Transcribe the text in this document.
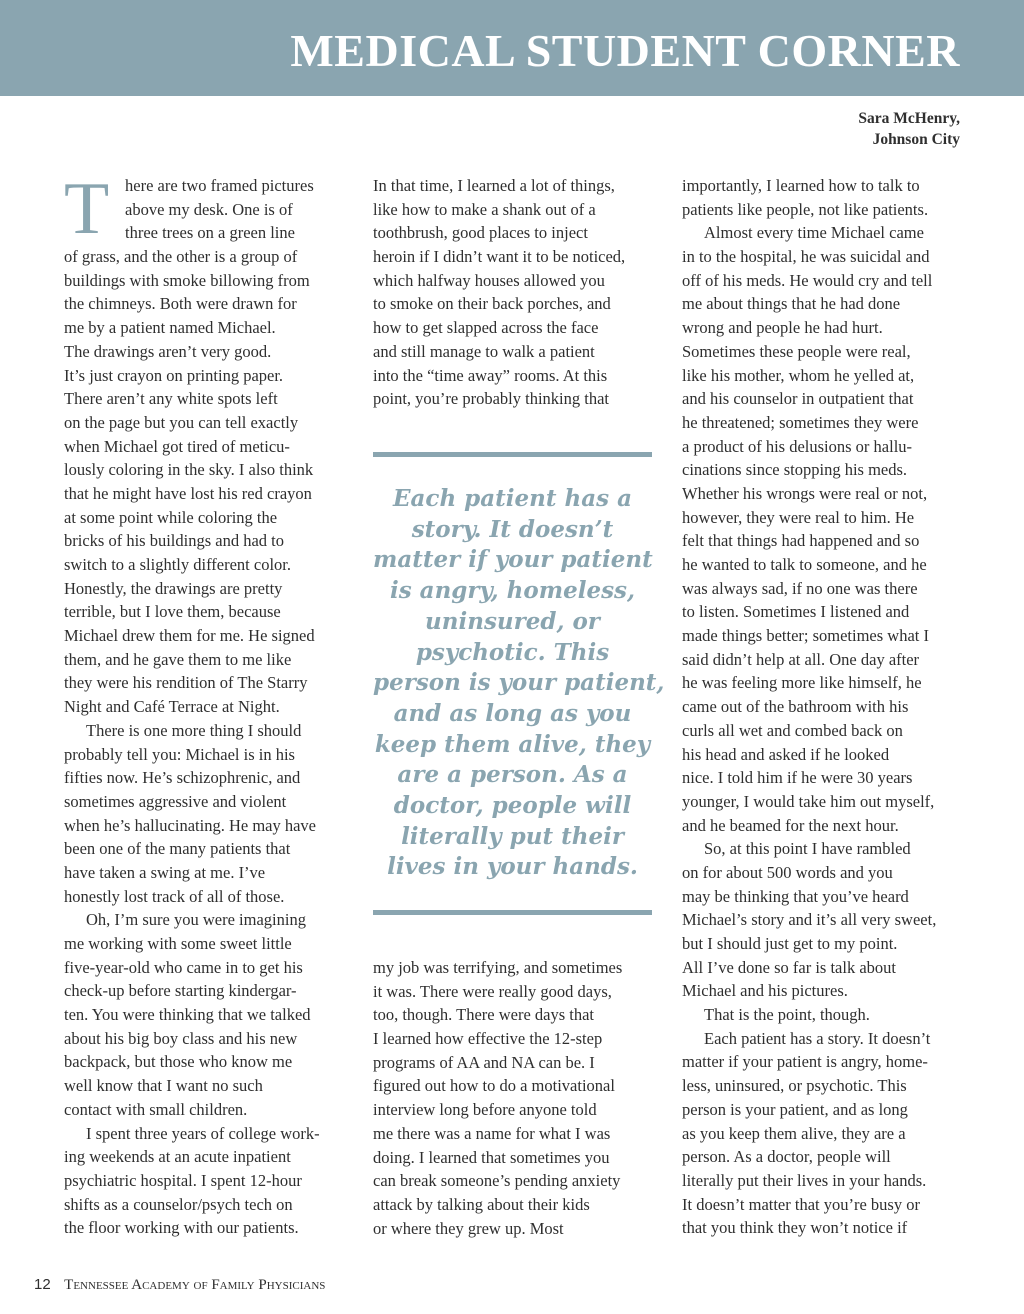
MEDICAL STUDENT CORNER
Sara McHenry,
Johnson City
T here are two framed pictures
above my desk. One is of
three trees on a green line
of grass, and the other is a group of
buildings with smoke billowing from
the chimneys. Both were drawn for
me by a patient named Michael.
The drawings aren’t very good.
It’s just crayon on printing paper.
There aren’t any white spots left
on the page but you can tell exactly
when Michael got tired of meticu-
lously coloring in the sky. I also think
that he might have lost his red crayon
at some point while coloring the
bricks of his buildings and had to
switch to a slightly different color.
Honestly, the drawings are pretty
terrible, but I love them, because
Michael drew them for me. He signed
them, and he gave them to me like
they were his rendition of The Starry
Night and Café Terrace at Night.
There is one more thing I should
probably tell you: Michael is in his
fifties now. He’s schizophrenic, and
sometimes aggressive and violent
when he’s hallucinating. He may have
been one of the many patients that
have taken a swing at me. I’ve
honestly lost track of all of those.
Oh, I’m sure you were imagining
me working with some sweet little
five-year-old who came in to get his
check-up before starting kindergar-
ten. You were thinking that we talked
about his big boy class and his new
backpack, but those who know me
well know that I want no such
contact with small children.
I spent three years of college work-
ing weekends at an acute inpatient
psychiatric hospital. I spent 12-hour
shifts as a counselor/psych tech on
the floor working with our patients.
In that time, I learned a lot of things,
like how to make a shank out of a
toothbrush, good places to inject
heroin if I didn’t want it to be noticed,
which halfway houses allowed you
to smoke on their back porches, and
how to get slapped across the face
and still manage to walk a patient
into the “time away” rooms. At this
point, you’re probably thinking that
Each patient has a
story. It doesn’t
matter if your patient
is angry, homeless,
uninsured, or
psychotic. This
person is your patient,
and as long as you
keep them alive, they
are a person. As a
doctor, people will
literally put their
lives in your hands.
my job was terrifying, and sometimes
it was. There were really good days,
too, though. There were days that
I learned how effective the 12-step
programs of AA and NA can be. I
figured out how to do a motivational
interview long before anyone told
me there was a name for what I was
doing. I learned that sometimes you
can break someone’s pending anxiety
attack by talking about their kids
or where they grew up. Most
importantly, I learned how to talk to
patients like people, not like patients.
Almost every time Michael came
in to the hospital, he was suicidal and
off of his meds. He would cry and tell
me about things that he had done
wrong and people he had hurt.
Sometimes these people were real,
like his mother, whom he yelled at,
and his counselor in outpatient that
he threatened; sometimes they were
a product of his delusions or hallu-
cinations since stopping his meds.
Whether his wrongs were real or not,
however, they were real to him. He
felt that things had happened and so
he wanted to talk to someone, and he
was always sad, if no one was there
to listen. Sometimes I listened and
made things better; sometimes what I
said didn’t help at all. One day after
he was feeling more like himself, he
came out of the bathroom with his
curls all wet and combed back on
his head and asked if he looked
nice. I told him if he were 30 years
younger, I would take him out myself,
and he beamed for the next hour.
So, at this point I have rambled
on for about 500 words and you
may be thinking that you’ve heard
Michael’s story and it’s all very sweet,
but I should just get to my point.
All I’ve done so far is talk about
Michael and his pictures.
That is the point, though.
Each patient has a story. It doesn’t
matter if your patient is angry, home-
less, uninsured, or psychotic. This
person is your patient, and as long
as you keep them alive, they are a
person. As a doctor, people will
literally put their lives in your hands.
It doesn’t matter that you’re busy or
that you think they won’t notice if
12 Tennessee Academy of Family Physicians
